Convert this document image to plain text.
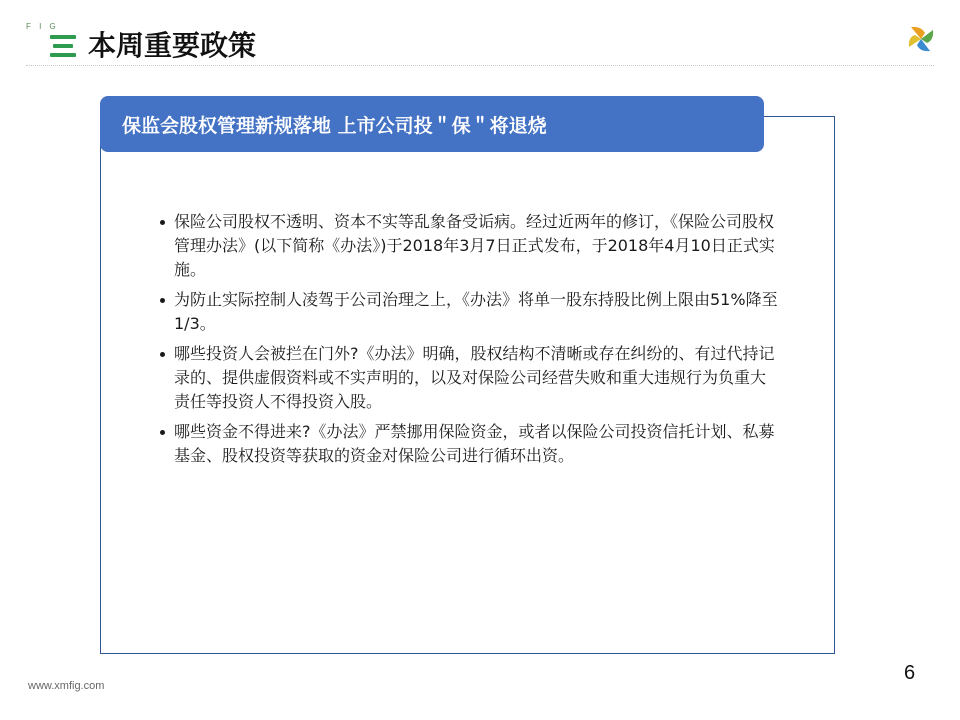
F I G
本周重要政策
保监会股权管理新规落地 上市公司投＂保＂将退烧
保险公司股权不透明、资本不实等乱象备受诟病。经过近两年的修订，《保险公司股权管理办法》(以下简称《办法》)于2018年3月7日正式发布，于2018年4月10日正式实施。
为防止实际控制人凌驾于公司治理之上，《办法》将单一股东持股比例上限由51%降至1/3。
哪些投资人会被拦在门外?《办法》明确，股权结构不清晰或存在纠纷的、有过代持记录的、提供虚假资料或不实声明的，以及对保险公司经营失败和重大违规行为负重大责任等投资人不得投资入股。
哪些资金不得进来?《办法》严禁挪用保险资金，或者以保险公司投资信托计划、私募基金、股权投资等获取的资金对保险公司进行循环出资。
www.xmfig.com
6
